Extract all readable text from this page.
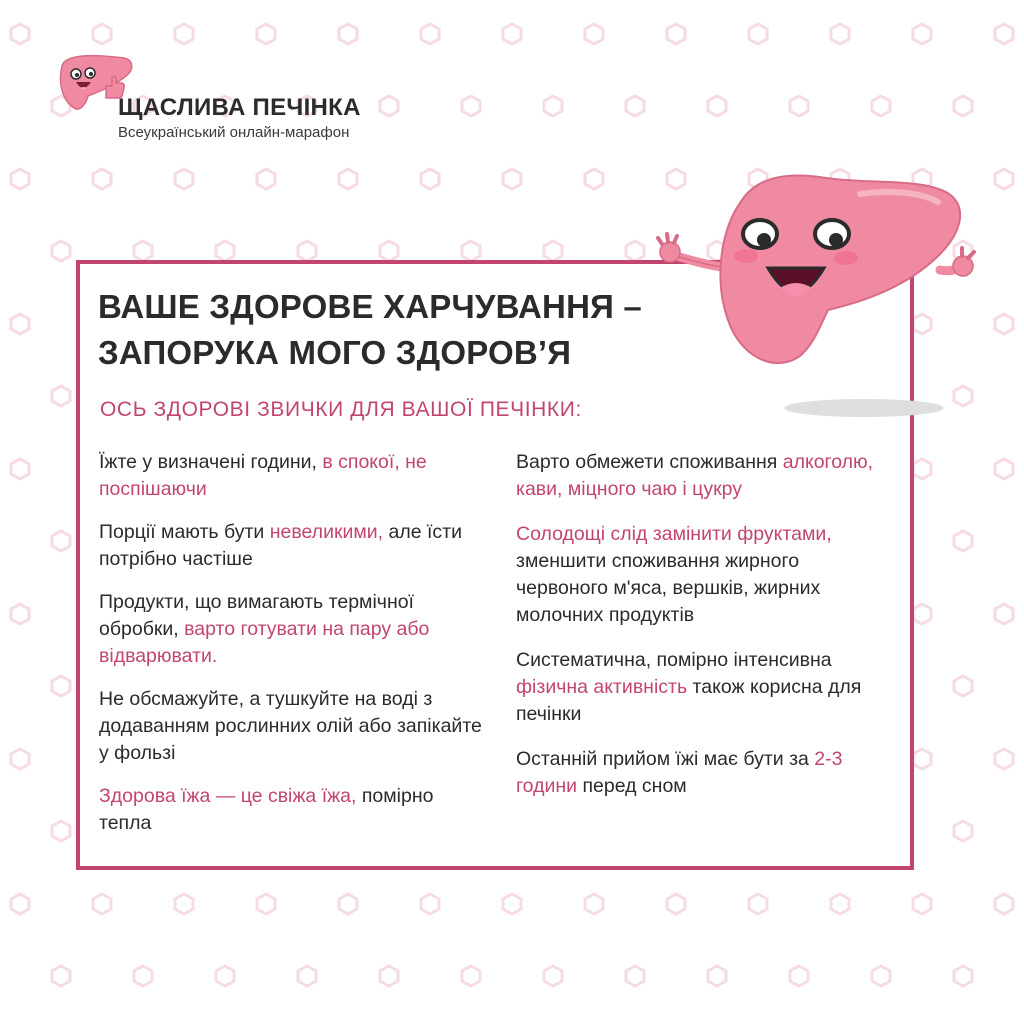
ЩАСЛИВА ПЕЧІНКА
Всеукраїнський онлайн-марафон
ВАШЕ ЗДОРОВЕ ХАРЧУВАННЯ –
ЗАПОРУКА МОГО ЗДОРОВ’Я
ОСЬ ЗДОРОВІ ЗВИЧКИ ДЛЯ ВАШОЇ ПЕЧІНКИ:

Їжте у визначені години, в спокої, не поспішаючи

Порції мають бути невеликими, але їсти потрібно частіше

Продукти, що вимагають термічної обробки, варто готувати на пару або відварювати.

Не обсмажуйте, а тушкуйте на воді з додаванням рослинних олій або запікайте у фользі

Здорова їжа — це свіжа їжа, помірно тепла

Варто обмежети споживання алкоголю, кави, міцного чаю і цукру

Солодощі слід замінити фруктами, зменшити споживання жирного червоного м'яса, вершків, жирних молочних продуктів

Систематична, помірно інтенсивна фізична активність також корисна для печінки

Останній прийом їжі має бути за 2-3 години перед сном
